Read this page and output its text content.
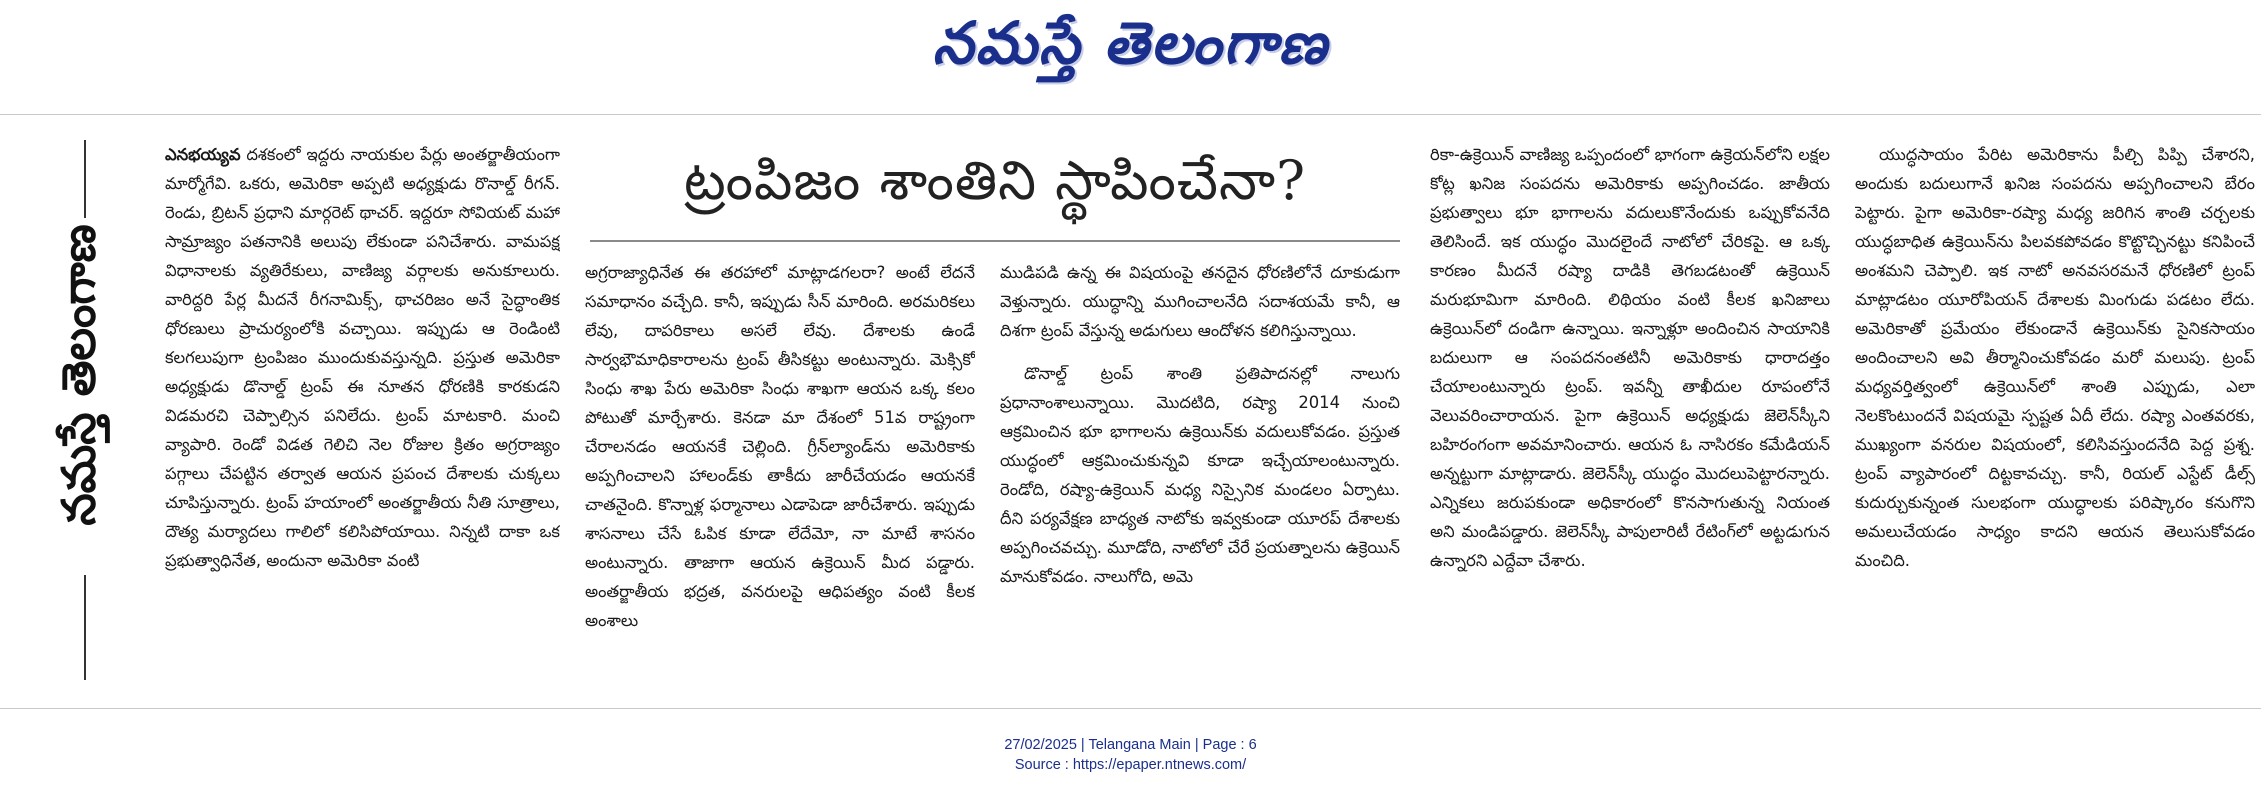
నమస్తే తెలంగాణ
నమస్తే తెలంగాణ

ఎనభయ్యవ దశకంలో ఇద్దరు నాయకుల పేర్లు అంతర్జాతీయంగా మార్మోగేవి. ఒకరు, అమెరికా అప్పటి అధ్యక్షుడు రొనాల్డ్ రీగన్. రెండు, బ్రిటన్ ప్రధాని మార్గరెట్ థాచర్. ఇద్దరూ సోవియట్ మహా సామ్రాజ్యం పతనానికి అలుపు లేకుండా పనిచేశారు. వామపక్ష విధానాలకు వ్యతిరేకులు, వాణిజ్య వర్గాలకు అనుకూలురు. వారిద్దరి పేర్ల మీదనే రీగనామిక్స్, థాచరిజం అనే సైద్ధాంతిక ధోరణులు ప్రాచుర్యంలోకి వచ్చాయి. ఇప్పుడు ఆ రెండింటి కలగలుపుగా ట్రంపిజం ముందుకువస్తున్నది. ప్రస్తుత అమెరికా అధ్యక్షుడు డొనాల్డ్ ట్రంప్ ఈ నూతన ధోరణికి కారకుడని విడమరచి చెప్పాల్సిన పనిలేదు. ట్రంప్ మాటకారి. మంచి వ్యాపారి. రెండో విడత గెలిచి నెల రోజుల క్రితం అగ్రరాజ్యం పగ్గాలు చేపట్టిన తర్వాత ఆయన ప్రపంచ దేశాలకు చుక్కలు చూపిస్తున్నారు. ట్రంప్ హయాంలో అంతర్జాతీయ నీతి సూత్రాలు, దౌత్య మర్యాదలు గాలిలో కలిసిపోయాయి. నిన్నటి దాకా ఒక ప్రభుత్వాధినేత, అందునా అమెరికా వంటి

ట్రంపిజం శాంతిని స్థాపించేనా?

అగ్రరాజ్యాధినేత ఈ తరహాలో మాట్లాడగలరా? అంటే లేదనే సమాధానం వచ్చేది. కానీ, ఇప్పుడు సీన్ మారింది. అరమరికలు లేవు, దాపరికాలు అసలే లేవు. దేశాలకు ఉండే సార్వభౌమాధికారాలను ట్రంప్ తీసికట్టు అంటున్నారు. మెక్సికో సింధు శాఖ పేరు అమెరికా సింధు శాఖగా ఆయన ఒక్క కలం పోటుతో మార్చేశారు. కెనడా మా దేశంలో 51వ రాష్ట్రంగా చేరాలనడం ఆయనకే చెల్లింది. గ్రీన్‌ల్యాండ్‌ను అమెరికాకు అప్పగించాలని హాలండ్‌కు తాకీదు జారీచేయడం ఆయనకే చాతనైంది. కొన్నాళ్ల ఫర్మానాలు ఎడాపెడా జారీచేశారు. ఇప్పుడు శాసనాలు చేసే ఓపిక కూడా లేదేమో, నా మాటే శాసనం అంటున్నారు. తాజాగా ఆయన ఉక్రెయిన్ మీద పడ్డారు. అంతర్జాతీయ భద్రత, వనరులపై ఆధిపత్యం వంటి కీలక అంశాలు

ముడిపడి ఉన్న ఈ విషయంపై తనదైన ధోరణిలోనే దూకుడుగా వెళ్తున్నారు. యుద్ధాన్ని ముగించాలనేది సదాశయమే కానీ, ఆ దిశగా ట్రంప్ వేస్తున్న అడుగులు ఆందోళన కలిగిస్తున్నాయి.

డొనాల్డ్ ట్రంప్ శాంతి ప్రతిపాదనల్లో నాలుగు ప్రధానాంశాలున్నాయి. మొదటిది, రష్యా 2014 నుంచి ఆక్రమించిన భూ భాగాలను ఉక్రెయిన్‌కు వదులుకోవడం. ప్రస్తుత యుద్ధంలో ఆక్రమించుకున్నవి కూడా ఇచ్చేయాలంటున్నారు. రెండోది, రష్యా-ఉక్రెయిన్ మధ్య నిస్సైనిక మండలం ఏర్పాటు. దీని పర్యవేక్షణ బాధ్యత నాటోకు ఇవ్వకుండా యూరప్ దేశాలకు అప్పగించవచ్చు. మూడోది, నాటోలో చేరే ప్రయత్నాలను ఉక్రెయిన్ మానుకోవడం. నాలుగోది, అమె

రికా-ఉక్రెయిన్ వాణిజ్య ఒప్పందంలో భాగంగా ఉక్రెయన్‌లోని లక్షల కోట్ల ఖనిజ సంపదను అమెరికాకు అప్పగించడం. జాతీయ ప్రభుత్వాలు భూ భాగాలను వదులుకొనేందుకు ఒప్పుకోవనేది తెలిసిందే. ఇక యుద్ధం మొదలైందే నాటోలో చేరికపై. ఆ ఒక్క కారణం మీదనే రష్యా దాడికి తెగబడటంతో ఉక్రెయిన్ మరుభూమిగా మారింది. లిథియం వంటి కీలక ఖనిజాలు ఉక్రెయిన్‌లో దండిగా ఉన్నాయి. ఇన్నాళ్లూ అందించిన సాయానికి బదులుగా ఆ సంపదనంతటినీ అమెరికాకు ధారాదత్తం చేయాలంటున్నారు ట్రంప్. ఇవన్నీ తాఖీదుల రూపంలోనే వెలువరించారాయన. పైగా ఉక్రెయిన్ అధ్యక్షుడు జెలెన్‌స్కీని బహిరంగంగా అవమానించారు. ఆయన ఓ నాసిరకం కమేడియన్ అన్నట్టుగా మాట్లాడారు. జెలెన్‌స్కీ యుద్ధం మొదలుపెట్టారన్నారు. ఎన్నికలు జరుపకుండా అధికారంలో కొనసాగుతున్న నియంత అని మండిపడ్డారు. జెలెన్‌స్కీ పాపులారిటీ రేటింగ్‌లో అట్టడుగున ఉన్నారని ఎద్దేవా చేశారు.

యుద్ధసాయం పేరిట అమెరికాను పీల్చి పిప్పి చేశారని, అందుకు బదులుగానే ఖనిజ సంపదను అప్పగించాలని బేరం పెట్టారు. పైగా అమెరికా-రష్యా మధ్య జరిగిన శాంతి చర్చలకు యుద్ధబాధిత ఉక్రెయిన్‌ను పిలవకపోవడం కొట్టొచ్చినట్టు కనిపించే అంశమని చెప్పాలి. ఇక నాటో అనవసరమనే ధోరణిలో ట్రంప్ మాట్లాడటం యూరోపియన్ దేశాలకు మింగుడు పడటం లేదు. అమెరికాతో ప్రమేయం లేకుండానే ఉక్రెయిన్‌కు సైనికసాయం అందించాలని అవి తీర్మానించుకోవడం మరో మలుపు. ట్రంప్ మధ్యవర్తిత్వంలో ఉక్రెయిన్‌లో శాంతి ఎప్పుడు, ఎలా నెలకొంటుందనే విషయమై స్పష్టత ఏదీ లేదు. రష్యా ఎంతవరకు, ముఖ్యంగా వనరుల విషయంలో, కలిసివస్తుందనేది పెద్ద ప్రశ్న. ట్రంప్ వ్యాపారంలో దిట్టకావచ్చు. కానీ, రియల్ ఎస్టేట్ డీల్స్ కుదుర్చుకున్నంత సులభంగా యుద్ధాలకు పరిష్కారం కనుగొని అమలుచేయడం సాధ్యం కాదని ఆయన తెలుసుకోవడం మంచిది.

27/02/2025 | Telangana Main | Page : 6
Source : https://epaper.ntnews.com/
